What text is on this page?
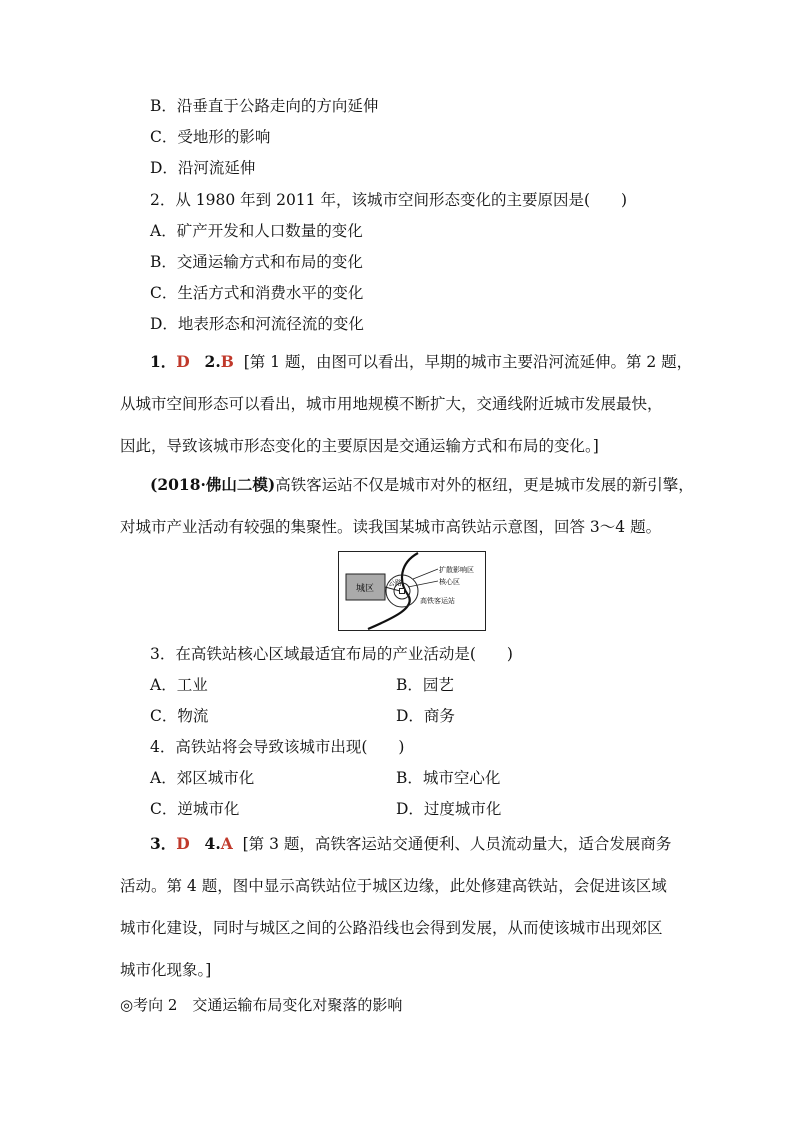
B．沿垂直于公路走向的方向延伸
C．受地形的影响
D．沿河流延伸
2．从 1980 年到 2011 年，该城市空间形态变化的主要原因是(　　)
A．矿产开发和人口数量的变化
B．交通运输方式和布局的变化
C．生活方式和消费水平的变化
D．地表形态和河流径流的变化
1．D 2.B [第 1 题，由图可以看出，早期的城市主要沿河流延伸。第 2 题，
从城市空间形态可以看出，城市用地规模不断扩大，交通线附近城市发展最快，
因此，导致该城市形态变化的主要原因是交通运输方式和布局的变化。]
(2018·佛山二模)高铁客运站不仅是城市对外的枢纽，更是城市发展的新引擎，
对城市产业活动有较强的集聚性。读我国某城市高铁站示意图，回答 3～4 题。
城区
公路
扩散影响区
核心区
高铁客运站
3．在高铁站核心区域最适宜布局的产业活动是(　　)
A．工业	B．园艺
C．物流	D．商务
4．高铁站将会导致该城市出现(　　)
A．郊区城市化	B．城市空心化
C．逆城市化	D．过度城市化
3．D 4.A [第 3 题，高铁客运站交通便利、人员流动量大，适合发展商务
活动。第 4 题，图中显示高铁站位于城区边缘，此处修建高铁站，会促进该区域
城市化建设，同时与城区之间的公路沿线也会得到发展，从而使该城市出现郊区
城市化现象。]
◎考向 2　交通运输布局变化对聚落的影响
